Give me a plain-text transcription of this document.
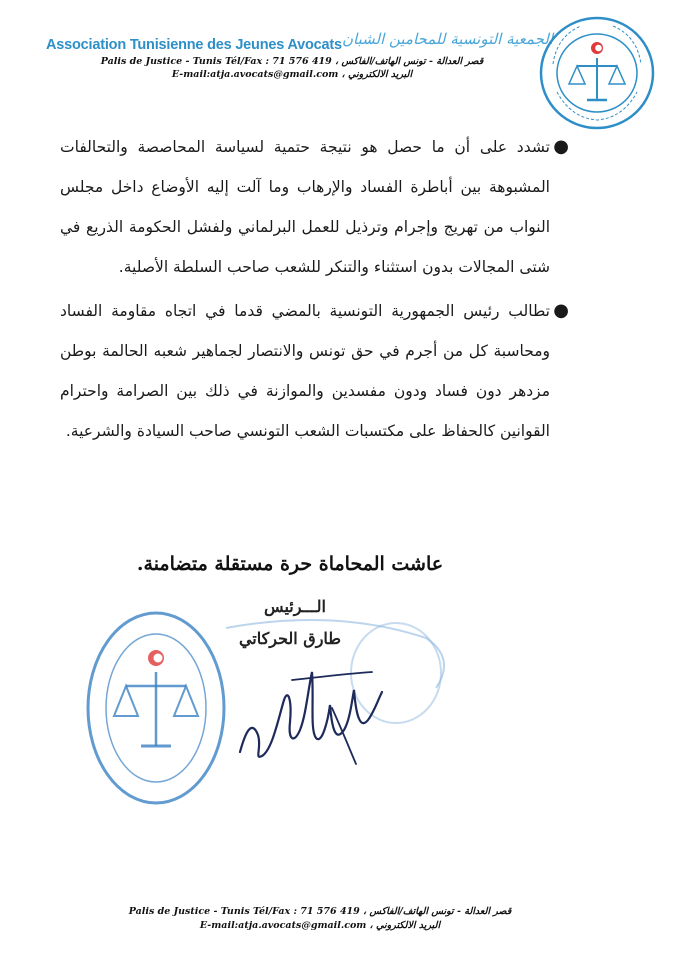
Association Tunisienne des Jeunes Avocats الجمعية التونسية للمحامين الشبان
Palis de Justice - Tunis Tél/Fax : 71 576 419 ، قصر العدالة - تونس الهاتف/الفاكس
E-mail:atja.avocats@gmail.com ، البريد الالكتروني
●
تشدد على أن ما حصل هو نتيجة حتمية لسياسة المحاصصة والتحالفات المشبوهة بين أباطرة الفساد والإرهاب وما آلت إليه الأوضاع داخل مجلس النواب من تهريج وإجرام وترذيل للعمل البرلماني ولفشل الحكومة الذريع في شتى المجالات بدون استثناء والتنكر للشعب صاحب السلطة الأصلية.
●
تطالب رئيس الجمهورية التونسية بالمضي قدما في اتجاه مقاومة الفساد ومحاسبة كل من أجرم في حق تونس والانتصار لجماهير شعبه الحالمة بوطن مزدهر دون فساد ودون مفسدين والموازنة في ذلك بين الصرامة واحترام القوانين كالحفاظ على مكتسبات الشعب التونسي صاحب السيادة والشرعية.
عاشت المحاماة حرة مستقلة متضامنة.
الـــرئيس
طارق الحركاتي
Palis de Justice - Tunis Tél/Fax : 71 576 419 ، قصر العدالة - تونس الهاتف/الفاكس
E-mail:atja.avocats@gmail.com ، البريد الالكتروني
